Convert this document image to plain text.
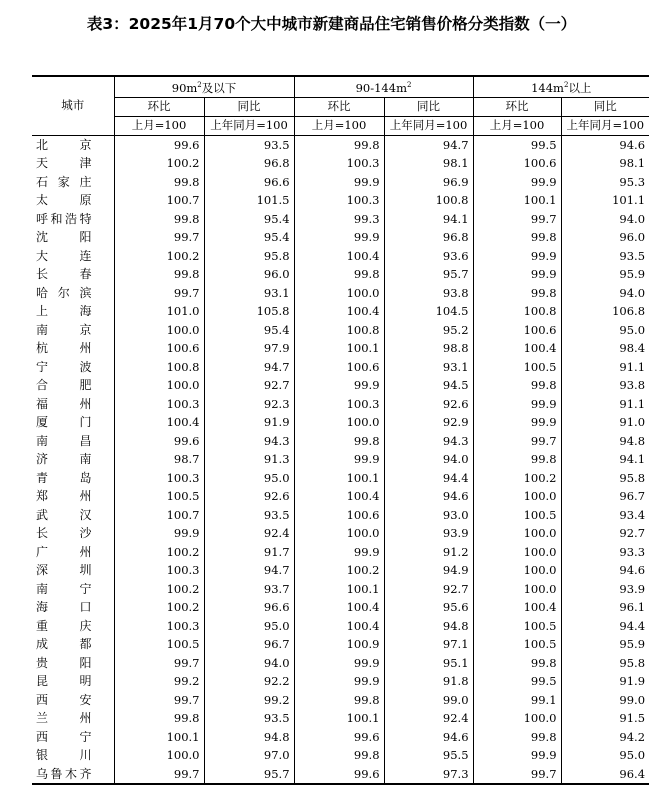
表3：2025年1月70个大中城市新建商品住宅销售价格分类指数（一）
城市	$90m^2$及以下		$90-144m^2$		$144m^2$以上	
	环比	同比	环比	同比	环比	同比
	上月=100	上年同月=100	上月=100	上年同月=100	上月=100	上年同月=100
北京	99.6	93.5	99.8	94.7	99.5	94.6
天津	100.2	96.8	100.3	98.1	100.6	98.1
石家庄	99.8	96.6	99.9	96.9	99.9	95.3
太原	100.7	101.5	100.3	100.8	100.1	101.1
呼和浩特	99.8	95.4	99.3	94.1	99.7	94.0
沈阳	99.7	95.4	99.9	96.8	99.8	96.0
大连	100.2	95.8	100.4	93.6	99.9	93.5
长春	99.8	96.0	99.8	95.7	99.9	95.9
哈尔滨	99.7	93.1	100.0	93.8	99.8	94.0
上海	101.0	105.8	100.4	104.5	100.8	106.8
南京	100.0	95.4	100.8	95.2	100.6	95.0
杭州	100.6	97.9	100.1	98.8	100.4	98.4
宁波	100.8	94.7	100.6	93.1	100.5	91.1
合肥	100.0	92.7	99.9	94.5	99.8	93.8
福州	100.3	92.3	100.3	92.6	99.9	91.1
厦门	100.4	91.9	100.0	92.9	99.9	91.0
南昌	99.6	94.3	99.8	94.3	99.7	94.8
济南	98.7	91.3	99.9	94.0	99.8	94.1
青岛	100.3	95.0	100.1	94.4	100.2	95.8
郑州	100.5	92.6	100.4	94.6	100.0	96.7
武汉	100.7	93.5	100.6	93.0	100.5	93.4
长沙	99.9	92.4	100.0	93.9	100.0	92.7
广州	100.2	91.7	99.9	91.2	100.0	93.3
深圳	100.3	94.7	100.2	94.9	100.0	94.6
南宁	100.2	93.7	100.1	92.7	100.0	93.9
海口	100.2	96.6	100.4	95.6	100.4	96.1
重庆	100.3	95.0	100.4	94.8	100.5	94.4
成都	100.5	96.7	100.9	97.1	100.5	95.9
贵阳	99.7	94.0	99.9	95.1	99.8	95.8
昆明	99.2	92.2	99.9	91.8	99.5	91.9
西安	99.7	99.2	99.8	99.0	99.1	99.0
兰州	99.8	93.5	100.1	92.4	100.0	91.5
西宁	100.1	94.8	99.6	94.6	99.8	94.2
银川	100.0	97.0	99.8	95.5	99.9	95.0
乌鲁木齐	99.7	95.7	99.6	97.3	99.7	96.4
